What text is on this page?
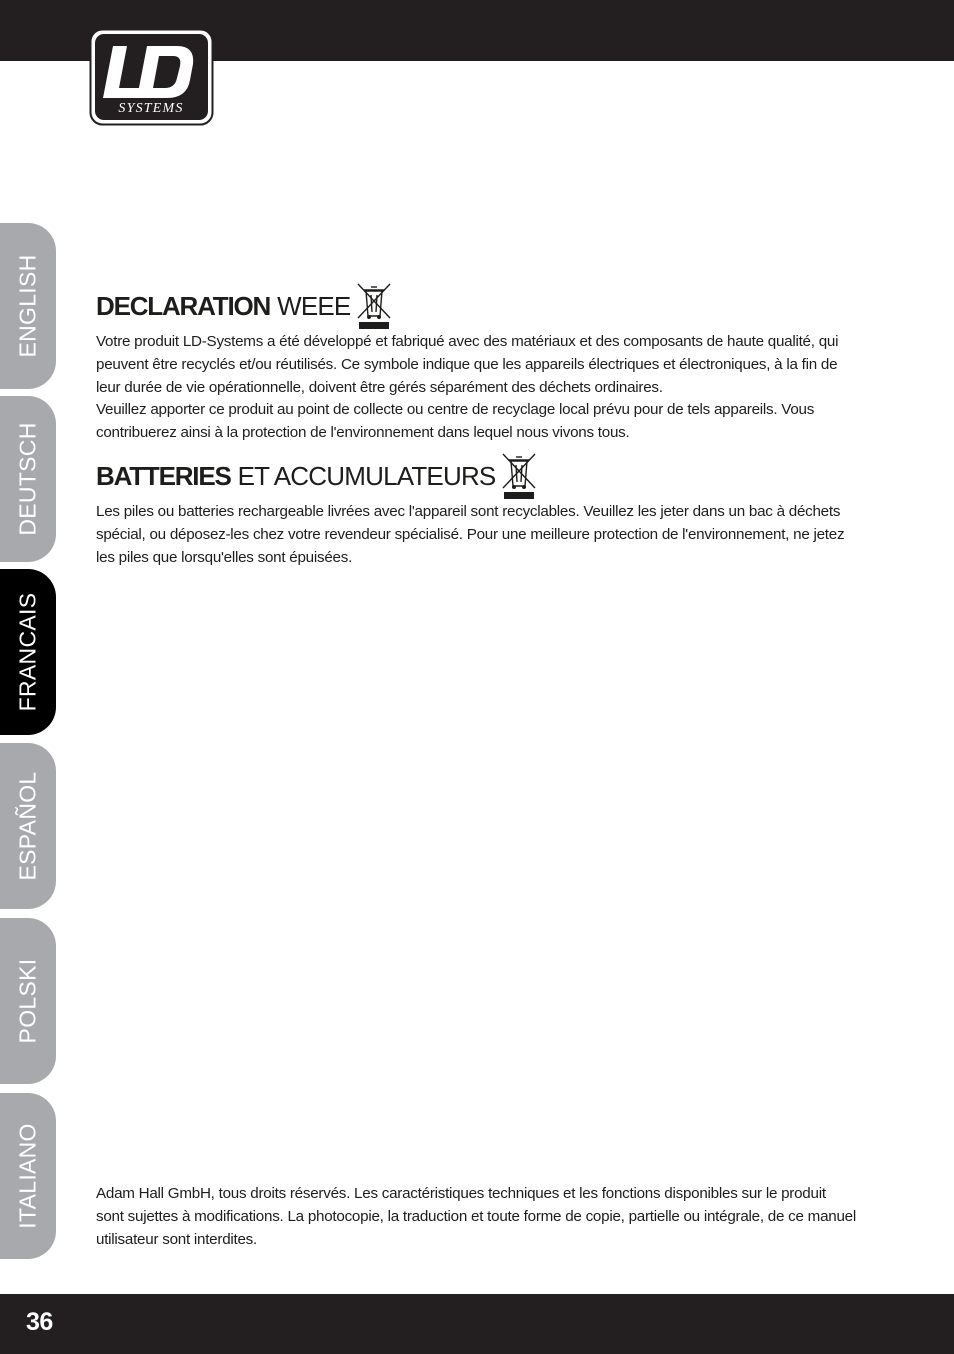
SYSTEMS
ENGLISH
DEUTSCH
FRANCAIS
ESPAÑOL
POLSKI
ITALIANO
DECLARATION WEEE

Votre produit LD-Systems a été développé et fabriqué avec des matériaux et des composants de haute qualité, qui peuvent être recyclés et/ou réutilisés. Ce symbole indique que les appareils électriques et électroniques, à la fin de leur durée de vie opérationnelle, doivent être gérés séparément des déchets ordinaires.

Veuillez apporter ce produit au point de collecte ou centre de recyclage local prévu pour de tels appareils. Vous contribuerez ainsi à la protection de l'environnement dans lequel nous vivons tous.

BATTERIES ET ACCUMULATEURS

Les piles ou batteries rechargeable livrées avec l'appareil sont recyclables. Veuillez les jeter dans un bac à déchets spécial, ou déposez-les chez votre revendeur spécialisé. Pour une meilleure protection de l'environnement, ne jetez les piles que lorsqu'elles sont épuisées.

Adam Hall GmbH, tous droits réservés. Les caractéristiques techniques et les fonctions disponibles sur le produit sont sujettes à modifications. La photocopie, la traduction et toute forme de copie, partielle ou intégrale, de ce manuel utilisateur sont interdites.

36
